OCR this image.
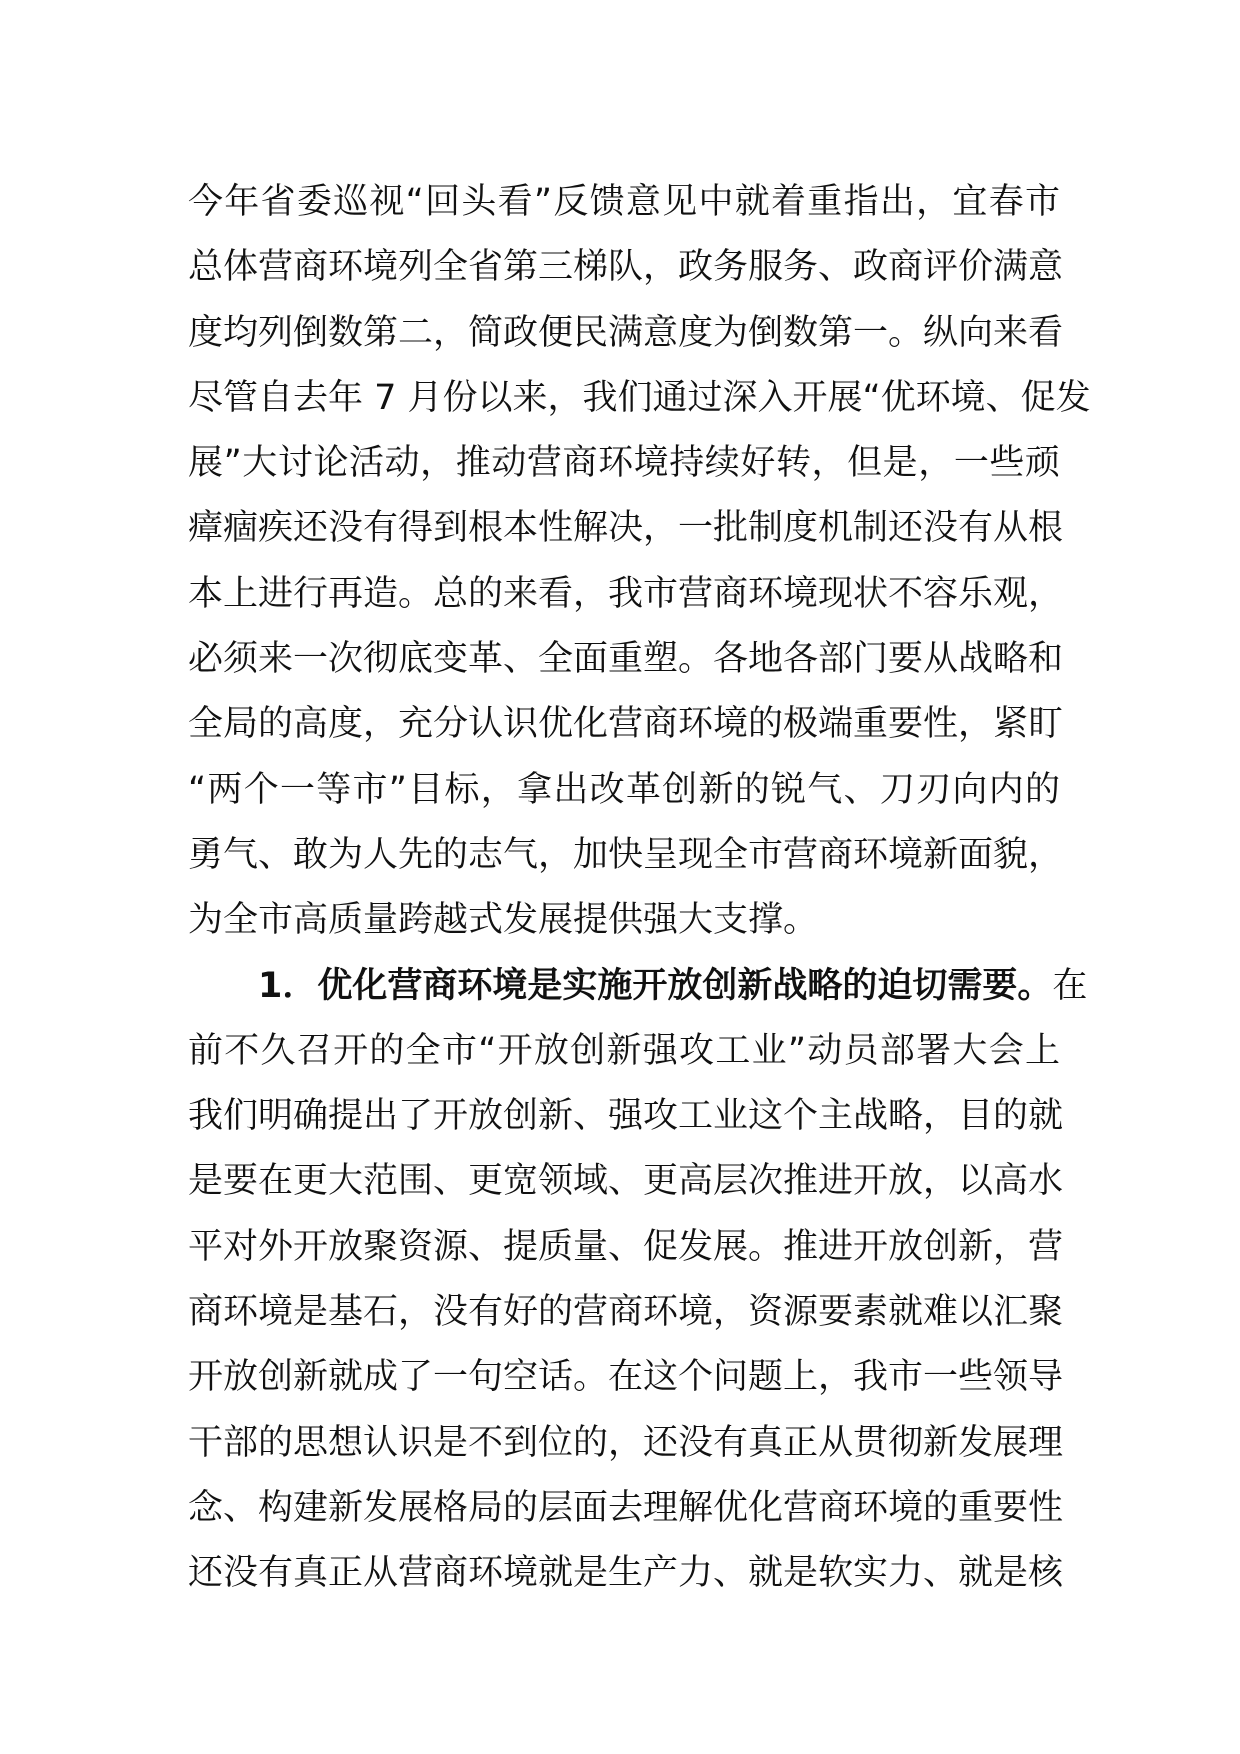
今年省委巡视“回头看”反馈意见中就着重指出，宜春市
总体营商环境列全省第三梯队，政务服务、政商评价满意
度均列倒数第二，简政便民满意度为倒数第一。纵向来看
尽管自去年 7 月份以来，我们通过深入开展“优环境、促发
展”大讨论活动，推动营商环境持续好转，但是，一些顽
瘴痼疾还没有得到根本性解决，一批制度机制还没有从根
本上进行再造。总的来看，我市营商环境现状不容乐观，
必须来一次彻底变革、全面重塑。各地各部门要从战略和
全局的高度，充分认识优化营商环境的极端重要性，紧盯
“两个一等市”目标，拿出改革创新的锐气、刀刃向内的
勇气、敢为人先的志气，加快呈现全市营商环境新面貌，
为全市高质量跨越式发展提供强大支撑。
1．优化营商环境是实施开放创新战略的迫切需要。在
前不久召开的全市“开放创新强攻工业”动员部署大会上
我们明确提出了开放创新、强攻工业这个主战略，目的就
是要在更大范围、更宽领域、更高层次推进开放，以高水
平对外开放聚资源、提质量、促发展。推进开放创新，营
商环境是基石，没有好的营商环境，资源要素就难以汇聚
开放创新就成了一句空话。在这个问题上，我市一些领导
干部的思想认识是不到位的，还没有真正从贯彻新发展理
念、构建新发展格局的层面去理解优化营商环境的重要性
还没有真正从营商环境就是生产力、就是软实力、就是核
